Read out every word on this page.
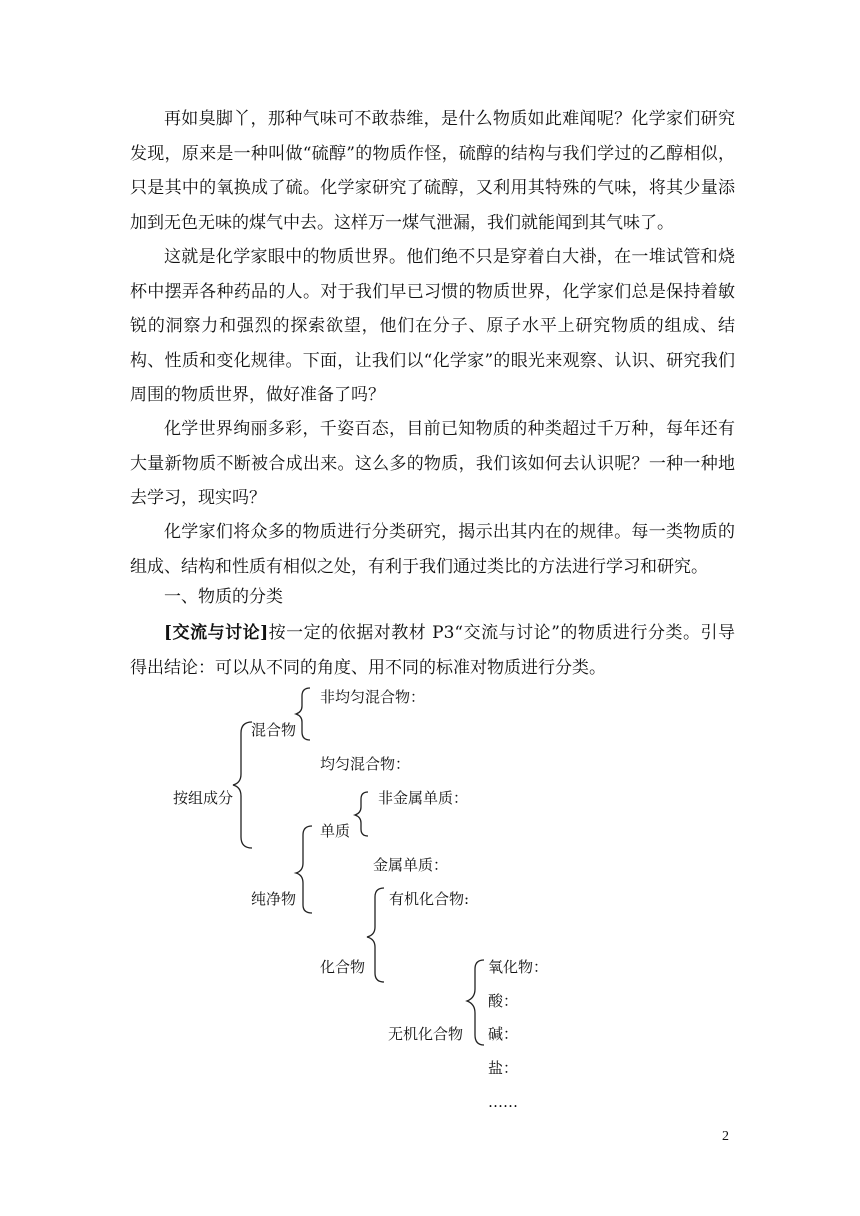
再如臭脚丫，那种气味可不敢恭维，是什么物质如此难闻呢？化学家们研究发现，原来是一种叫做“硫醇”的物质作怪，硫醇的结构与我们学过的乙醇相似，只是其中的氧换成了硫。化学家研究了硫醇，又利用其特殊的气味，将其少量添加到无色无味的煤气中去。这样万一煤气泄漏，我们就能闻到其气味了。

这就是化学家眼中的物质世界。他们绝不只是穿着白大褂，在一堆试管和烧杯中摆弄各种药品的人。对于我们早已习惯的物质世界，化学家们总是保持着敏锐的洞察力和强烈的探索欲望，他们在分子、原子水平上研究物质的组成、结构、性质和变化规律。下面，让我们以“化学家”的眼光来观察、认识、研究我们周围的物质世界，做好准备了吗？

化学世界绚丽多彩，千姿百态，目前已知物质的种类超过千万种，每年还有大量新物质不断被合成出来。这么多的物质，我们该如何去认识呢？一种一种地去学习，现实吗？

化学家们将众多的物质进行分类研究，揭示出其内在的规律。每一类物质的组成、结构和性质有相似之处，有利于我们通过类比的方法进行学习和研究。

一、物质的分类

[交流与讨论]按一定的依据对教材 P3“交流与讨论”的物质进行分类。引导得出结论：可以从不同的角度、用不同的标准对物质进行分类。

非均匀混合物：
混合物
均匀混合物：
按组成分	非金属单质：
单质
金属单质：
纯净物	有机化合物:
化合物	氧化物：
酸：
无机化合物 碱：
盐：
……
2
